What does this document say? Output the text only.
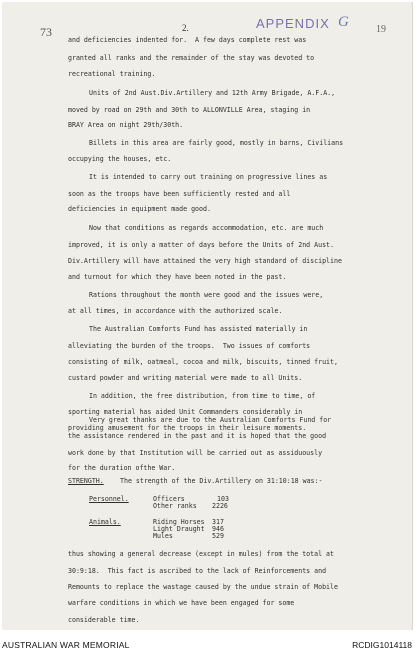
73	2.	APPENDIX G	19
and deficiencies indented for.  A few days complete rest was
granted all ranks and the remainder of the stay was devoted to
recreational training.
Units of 2nd Aust.Div.Artillery and 12th Army Brigade, A.F.A.,
moved by road on 29th and 30th to ALLONVILLE Area, staging in
BRAY Area on night 29th/30th.
Billets in this area are fairly good, mostly in barns, Civilians
occupying the houses, etc.
It is intended to carry out training on progressive lines as
soon as the troops have been sufficiently rested and all
deficiencies in equipment made good.
Now that conditions as regards accommodation, etc. are much
improved, it is only a matter of days before the Units of 2nd Aust.
Div.Artillery will have attained the very high standard of discipline
and turnout for which they have been noted in the past.
Rations throughout the month were good and the issues were,
at all times, in accordance with the authorized scale.
The Australian Comforts Fund has assisted materially in
alleviating the burden of the troops.  Two issues of comforts
consisting of milk, oatmeal, cocoa and milk, biscuits, tinned fruit,
custard powder and writing material were made to all Units.
In addition, the free distribution, from time to time, of
sporting material has aided Unit Commanders considerably in
providing amusement for the troops in their leisure moments.
Very great thanks are due to the Australian Comforts Fund for
the assistance rendered in the past and it is hoped that the good
work done by that Institution will be carried out as assiduously
for the duration ofthe War.
STRENGTH. The strength of the Div.Artillery on 31:10:18 was:-
Personnel.	Officers	103
Other ranks 2226
Animals.	Riding Horses 317
Light Draught 946
Mules	529
thus showing a general decrease (except in mules) from the total at
30:9:18.  This fact is ascribed to the lack of Reinforcements and
Remounts to replace the wastage caused by the undue strain of Mobile
warfare conditions in which we have been engaged for some
considerable time.
AUSTRALIAN WAR MEMORIAL	RCDIG1014118
